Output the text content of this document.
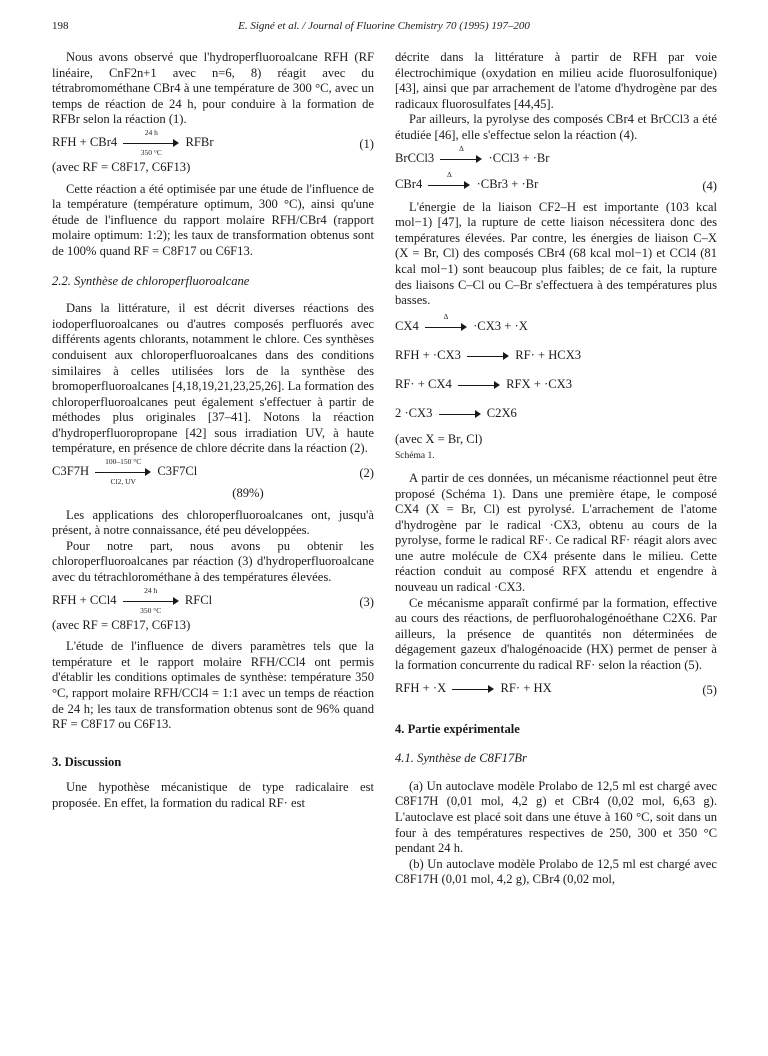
198	E. Signé et al. / Journal of Fluorine Chemistry 70 (1995) 197–200

Nous avons observé que l'hydroperfluoroalcane RFH (RF linéaire, CnF2n+1 avec n=6, 8) réagit avec du tétrabromométhane CBr4 à une température de 300 °C, avec un temps de réaction de 24 h, pour conduire à la formation de RFBr selon la réaction (1).

RFH + $CBr4 \frac{24 h}{350 ^\circ C}$ RFBr	(1)
(avec RF = C8F17, C6F13)

Cette réaction a été optimisée par une étude de l'influence de la température (température optimum, 300 °C), ainsi qu'une étude de l'influence du rapport molaire RFH/CBr4 (rapport molaire optimum: 1:2); les taux de transformation obtenus sont de 100% quand RF = C8F17 ou C6F13.

2.2. Synthèse de chloroperfluoroalcane

Dans la littérature, il est décrit diverses réactions des iodoperfluoroalcanes ou d'autres composés perfluorés avec différents agents chlorants, notamment le chlore. Ces synthèses conduisent aux chloroperfluoroalcanes dans des conditions similaires à celles utilisées lors de la synthèse des bromoperfluoroalcanes [4,18,19,21,23,25,26]. La formation des chloroperfluoroalcanes peut également s'effectuer à partir de méthodes plus originales [37–41]. Notons la réaction d'hydroperfluoropropane [42] sous irradiation UV, à haute température, en présence de chlore décrite dans la réaction (2).

$C3F7H \frac{100-150 ^\circ C}{Cl2, UV} C3F7Cl$	(2)
(89%)

Les applications des chloroperfluoroalcanes ont, jusqu'à présent, à notre connaissance, été peu développées.

Pour notre part, nous avons pu obtenir les chloroperfluoroalcanes par réaction (3) d'hydroperfluoroalcane avec du tétrachlorométhane à des températures élevées.

RFH + $CCl4 \frac{24 h}{350 ^\circ C}$ RFCl	(3)
(avec RF = C8F17, C6F13)

L'étude de l'influence de divers paramètres tels que la température et le rapport molaire RFH/CCl4 ont permis d'établir les conditions optimales de synthèse: température 350 °C, rapport molaire RFH/CCl4 = 1:1 avec un temps de réaction de 24 h; les taux de transformation obtenus sont de 96% quand RF = C8F17 ou C6F13.

3. Discussion

Une hypothèse mécanistique de type radicalaire est proposée. En effet, la formation du radical RF· est

décrite dans la littérature à partir de RFH par voie électrochimique (oxydation en milieu acide fluorosulfonique) [43], ainsi que par arrachement de l'atome d'hydrogène par des radicaux fluorosulfates [44,45].

Par ailleurs, la pyrolyse des composés CBr4 et BrCCl3 a été étudiée [46], elle s'effectue selon la réaction (4).

BrCCl3
Δ
·CCl3 + ·Br
CBr4
Δ
·CBr3 + ·Br	(4)

L'énergie de la liaison CF2–H est importante (103 kcal mol−1) [47], la rupture de cette liaison nécessitera donc des températures élevées. Par contre, les énergies de liaison C–X (X = Br, Cl) des composés CBr4 (68 kcal mol−1) et CCl4 (81 kcal mol−1) sont beaucoup plus faibles; de ce fait, la rupture des liaisons C–Cl ou C–Br s'effectuera à des températures plus basses.

CX4
Δ
·CX3 + ·X
RFH + ·CX3	RF· + HCX3
RF· + CX4	RFX + ·CX3
2 ·CX3	C2X6
(avec X = Br, Cl)
Schéma 1.

A partir de ces données, un mécanisme réactionnel peut être proposé (Schéma 1). Dans une première étape, le composé CX4 (X = Br, Cl) est pyrolysé. L'arrachement de l'atome d'hydrogène par le radical ·CX3, obtenu au cours de la pyrolyse, forme le radical RF·. Ce radical RF· réagit alors avec une autre molécule de CX4 présente dans le milieu. Cette réaction conduit au composé RFX attendu et engendre à nouveau un radical ·CX3.

Ce mécanisme apparaît confirmé par la formation, effective au cours des réactions, de perfluorohalogénoéthane C2X6. Par ailleurs, la présence de quantités non déterminées de dégagement gazeux d'halogénoacide (HX) permet de penser à la formation concurrente du radical RF· selon la réaction (5).

RFH + ·X	RF· + HX	(5)
4. Partie expérimentale
4.1. Synthèse de C8F17Br

(a) Un autoclave modèle Prolabo de 12,5 ml est chargé avec C8F17H (0,01 mol, 4,2 g) et CBr4 (0,02 mol, 6,63 g). L'autoclave est placé soit dans une étuve à 160 °C, soit dans un four à des températures respectives de 250, 300 et 350 °C pendant 24 h.

(b) Un autoclave modèle Prolabo de 12,5 ml est chargé avec C8F17H (0,01 mol, 4,2 g), CBr4 (0,02 mol,
